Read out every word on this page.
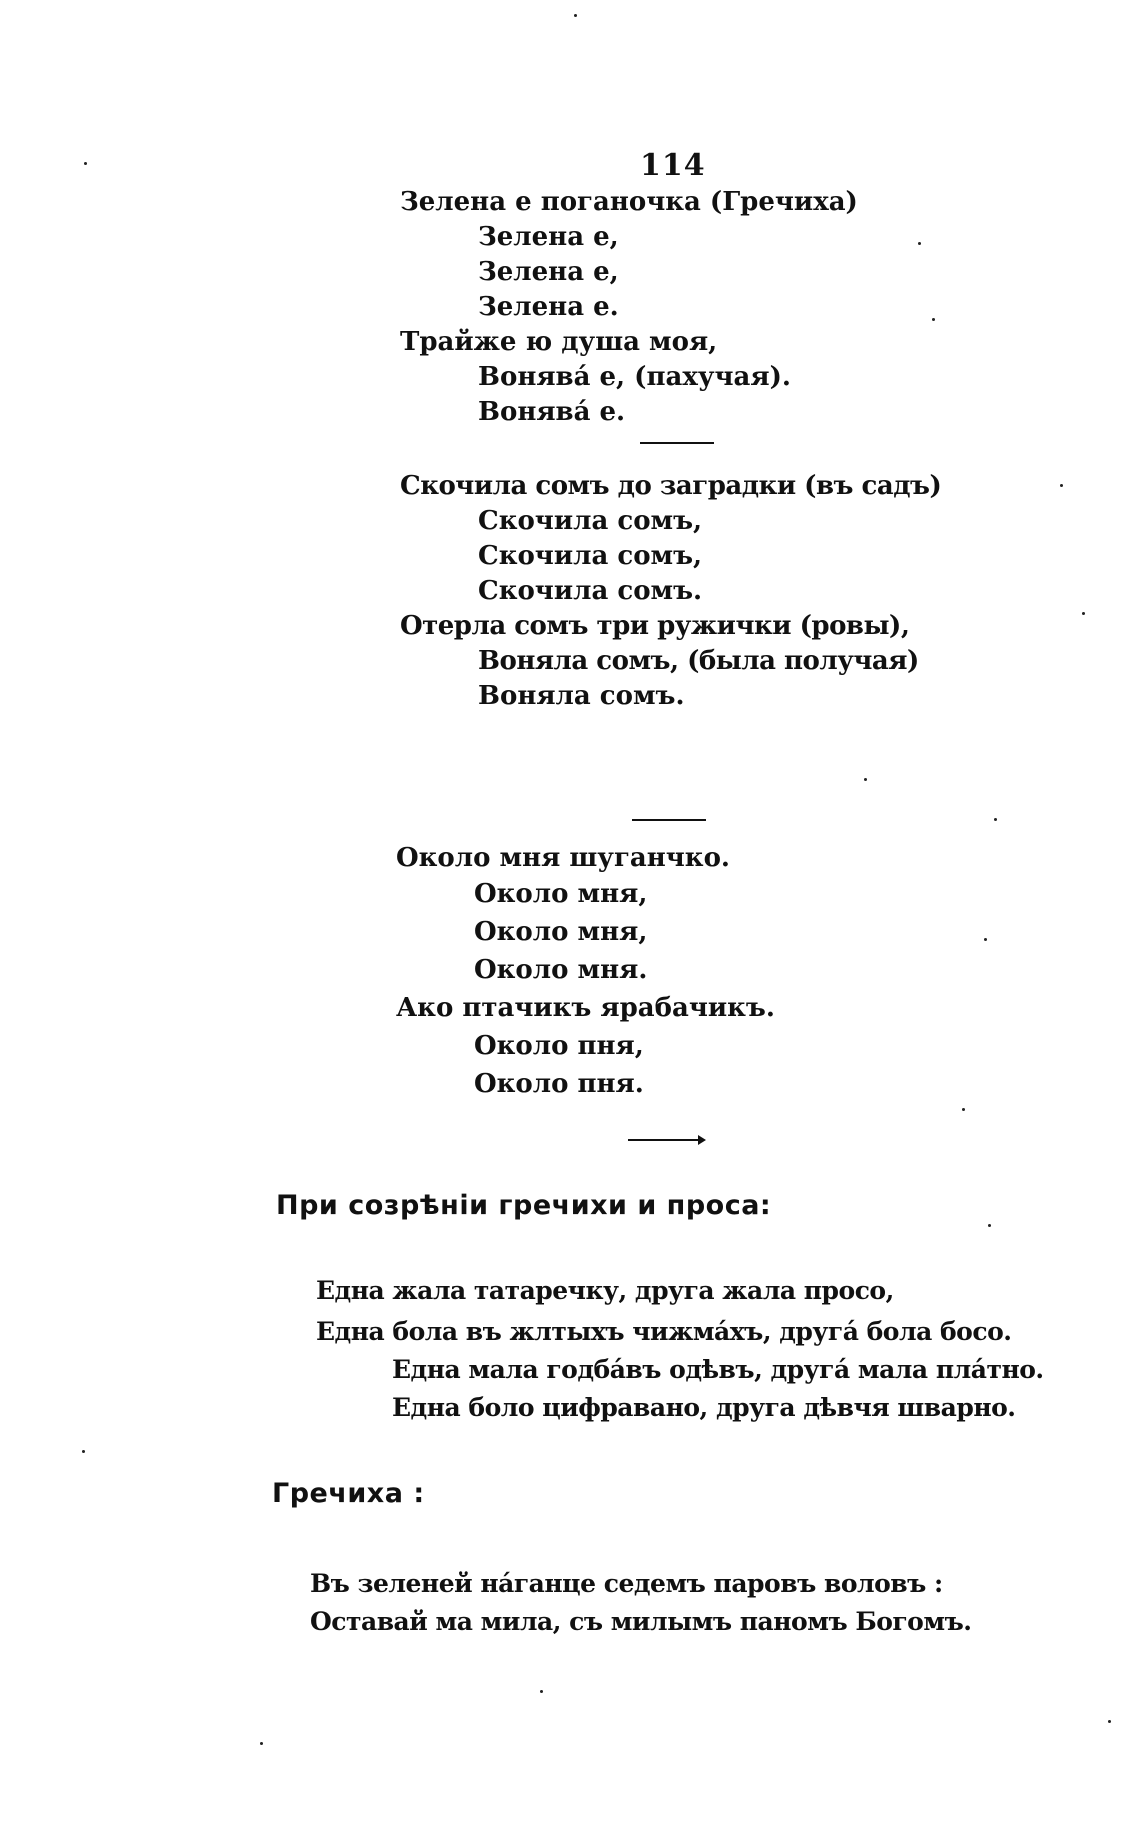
114
Зелена е поганочка (Гречиха)
Зелена е,
Зелена е,
Зелена е.
Трайже ю душа моя,
Вонявá е, (пахучая).
Вонявá е.
Скочила сомъ до заградки (въ садъ)
Скочила сомъ,
Скочила сомъ,
Скочила сомъ.
Отерла сомъ три ружички (ровы),
Воняла сомъ, (была получая)
Воняла сомъ.
Около мня шуганчко.
Около мня,
Около мня,
Около мня.
Ако птачикъ ярабачикъ.
Около пня,
Около пня.
При созрѣніи гречихи и проса:
Една жала татаречку, друга жала просо,
Една бола въ жлтыхъ чижмáхъ, другá бола босо.
Една мала годбáвъ одѣвъ, другá мала плáтно.
Една боло цифравано, друга дѣвчя шварно.
Гречиха :
Въ зеленей нáганце седемъ паровъ воловъ :
Оставай ма мила, съ милымъ паномъ Богомъ.
